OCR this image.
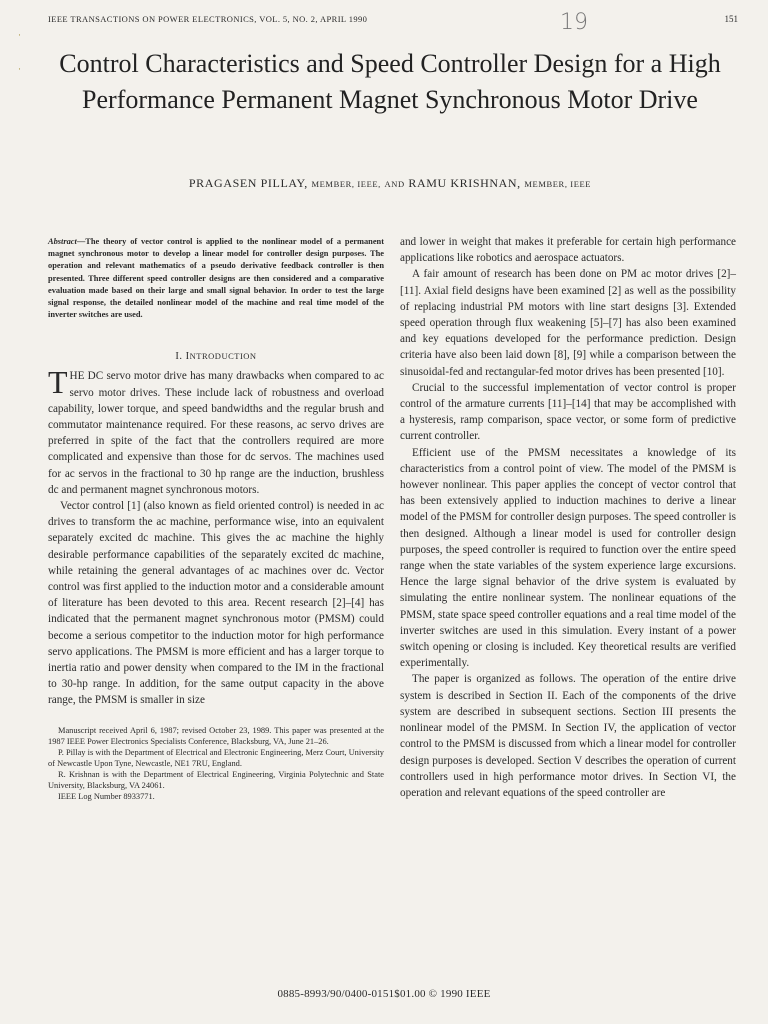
IEEE TRANSACTIONS ON POWER ELECTRONICS, VOL. 5, NO. 2, APRIL 1990	19	151
·
·	Control Characteristics and Speed Controller Design for a High Performance Permanent Magnet Synchronous Motor Drive
PRAGASEN PILLAY, MEMBER, IEEE, AND RAMU KRISHNAN, MEMBER, IEEE

Abstract—The theory of vector control is applied to the nonlinear model of a permanent magnet synchronous motor to develop a linear model for controller design purposes. The operation and relevant mathematics of a pseudo derivative feedback controller is then presented. Three different speed controller designs are then considered and a comparative evaluation made based on their large and small signal behavior. In order to test the large signal response, the detailed nonlinear model of the machine and real time model of the inverter switches are used.

I. INTRODUCTION

THE DC servo motor drive has many drawbacks when compared to ac servo motor drives. These include lack of robustness and overload capability, lower torque, and speed bandwidths and the regular brush and commutator maintenance required. For these reasons, ac servo drives are preferred in spite of the fact that the controllers required are more complicated and expensive than those for dc servos. The machines used for ac servos in the fractional to 30 hp range are the induction, brushless dc and permanent magnet synchronous motors.

Vector control [1] (also known as field oriented control) is needed in ac drives to transform the ac machine, performance wise, into an equivalent separately excited dc machine. This gives the ac machine the highly desirable performance capabilities of the separately excited dc machine, while retaining the general advantages of ac machines over dc. Vector control was first applied to the induction motor and a considerable amount of literature has been devoted to this area. Recent research [2]–[4] has indicated that the permanent magnet synchronous motor (PMSM) could become a serious competitor to the induction motor for high performance servo applications. The PMSM is more efficient and has a larger torque to inertia ratio and power density when compared to the IM in the fractional to 30-hp range. In addition, for the same output capacity in the above range, the PMSM is smaller in size

Manuscript received April 6, 1987; revised October 23, 1989. This paper was presented at the 1987 IEEE Power Electronics Specialists Conference, Blacksburg, VA, June 21–26.

P. Pillay is with the Department of Electrical and Electronic Engineering, Merz Court, University of Newcastle Upon Tyne, Newcastle, NE1 7RU, England.

R. Krishnan is with the Department of Electrical Engineering, Virginia Polytechnic and State University, Blacksburg, VA 24061.

IEEE Log Number 8933771.

and lower in weight that makes it preferable for certain high performance applications like robotics and aerospace actuators.

A fair amount of research has been done on PM ac motor drives [2]–[11]. Axial field designs have been examined [2] as well as the possibility of replacing industrial PM motors with line start designs [3]. Extended speed operation through flux weakening [5]–[7] has also been examined and key equations developed for the performance prediction. Design criteria have also been laid down [8], [9] while a comparison between the sinusoidal-fed and rectangular-fed motor drives has been presented [10].

Crucial to the successful implementation of vector control is proper control of the armature currents [11]–[14] that may be accomplished with a hysteresis, ramp comparison, space vector, or some form of predictive current controller.

Efficient use of the PMSM necessitates a knowledge of its characteristics from a control point of view. The model of the PMSM is however nonlinear. This paper applies the concept of vector control that has been extensively applied to induction machines to derive a linear model of the PMSM for controller design purposes. The speed controller is then designed. Although a linear model is used for controller design purposes, the speed controller is required to function over the entire speed range when the state variables of the system experience large excursions. Hence the large signal behavior of the drive system is evaluated by simulating the entire nonlinear system. The nonlinear equations of the PMSM, state space speed controller equations and a real time model of the inverter switches are used in this simulation. Every instant of a power switch opening or closing is included. Key theoretical results are verified experimentally.

The paper is organized as follows. The operation of the entire drive system is described in Section II. Each of the components of the drive system are described in subsequent sections. Section III presents the nonlinear model of the PMSM. In Section IV, the application of vector control to the PMSM is discussed from which a linear model for controller design purposes is developed. Section V describes the operation of current controllers used in high performance motor drives. In Section VI, the operation and relevant equations of the speed controller are

0885-8993/90/0400-0151$01.00 © 1990 IEEE
